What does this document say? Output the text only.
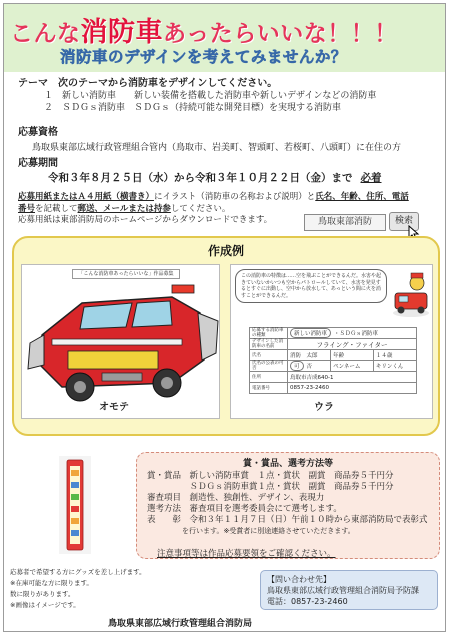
こんな消防車あったらいいな！！！
消防車のデザインを考えてみませんか？
テーマ　次のテーマから消防車をデザインしてください。
１　新しい消防車　　新しい装備を搭載した消防車や新しいデザインなどの消防車
２　ＳＤＧｓ消防車　ＳＤＧｓ（持続可能な開発目標）を実現する消防車
応募資格
鳥取県東部広域行政管理組合管内（鳥取市、岩美町、智頭町、若桜町、八頭町）に在住の方
応募期間
令和３年８月２５日（水）から令和３年１０月２２日（金）まで 必着
応募用紙またはＡ４用紙（横書き）にイラスト（消防車の名称および説明）と氏名、年齢、住所、電話
番号を記載して郵送、メールまたは持参してください。
応募用紙は東部消防局のホームページからダウンロードできます。	鳥取東部消防	検索
作成例
「こんな消防車あったらいいな」作品募集
オモテ
この消防車の特徴は……空を飛ぶことができるんだ。水害や起きていないかいつも空からパトロールしていて、水害を発見するとすぐに出動し、空中から放水して、あっという間に火を消すことができるんだ。
応募する消防車の種類	新しい消防車 ・ＳＤＧｓ消防車		
デザインした消防車の名前	フライング・ファイター		
氏名	消防　太郎	年齢	１４歳
氏名の公表の可否	可 否	ペンネーム	キリンくん
住所	鳥取市吉成640-1		
電話番号	0857-23-2460		
ウラ
賞・賞品、選考方法等
賞・賞品　新しい消防車賞　１点・賞状　副賞　商品券５千円分
　　　　　ＳＤＧｓ消防車賞１点・賞状　副賞　商品券５千円分
審査項目　創造性、独創性、デザイン、表現力
選考方法　審査項目を選考委員会にて選考します。
表　　彰　令和３年１１月７日（日）午前１０時から東部消防局で表彰式
　　　　　を行います。※受賞者に別途連絡させていただきます。
注意事項等は作品応募要領をご確認ください。
応募者で希望する方にグッズを差し上げます。
※在庫可能な方に限ります。
数に限りがあります。
※画像はイメージです。
【問い合わせ先】
鳥取県東部広域行政管理組合消防局予防課
電話：0857-23-2460
鳥取県東部広域行政管理組合消防局
